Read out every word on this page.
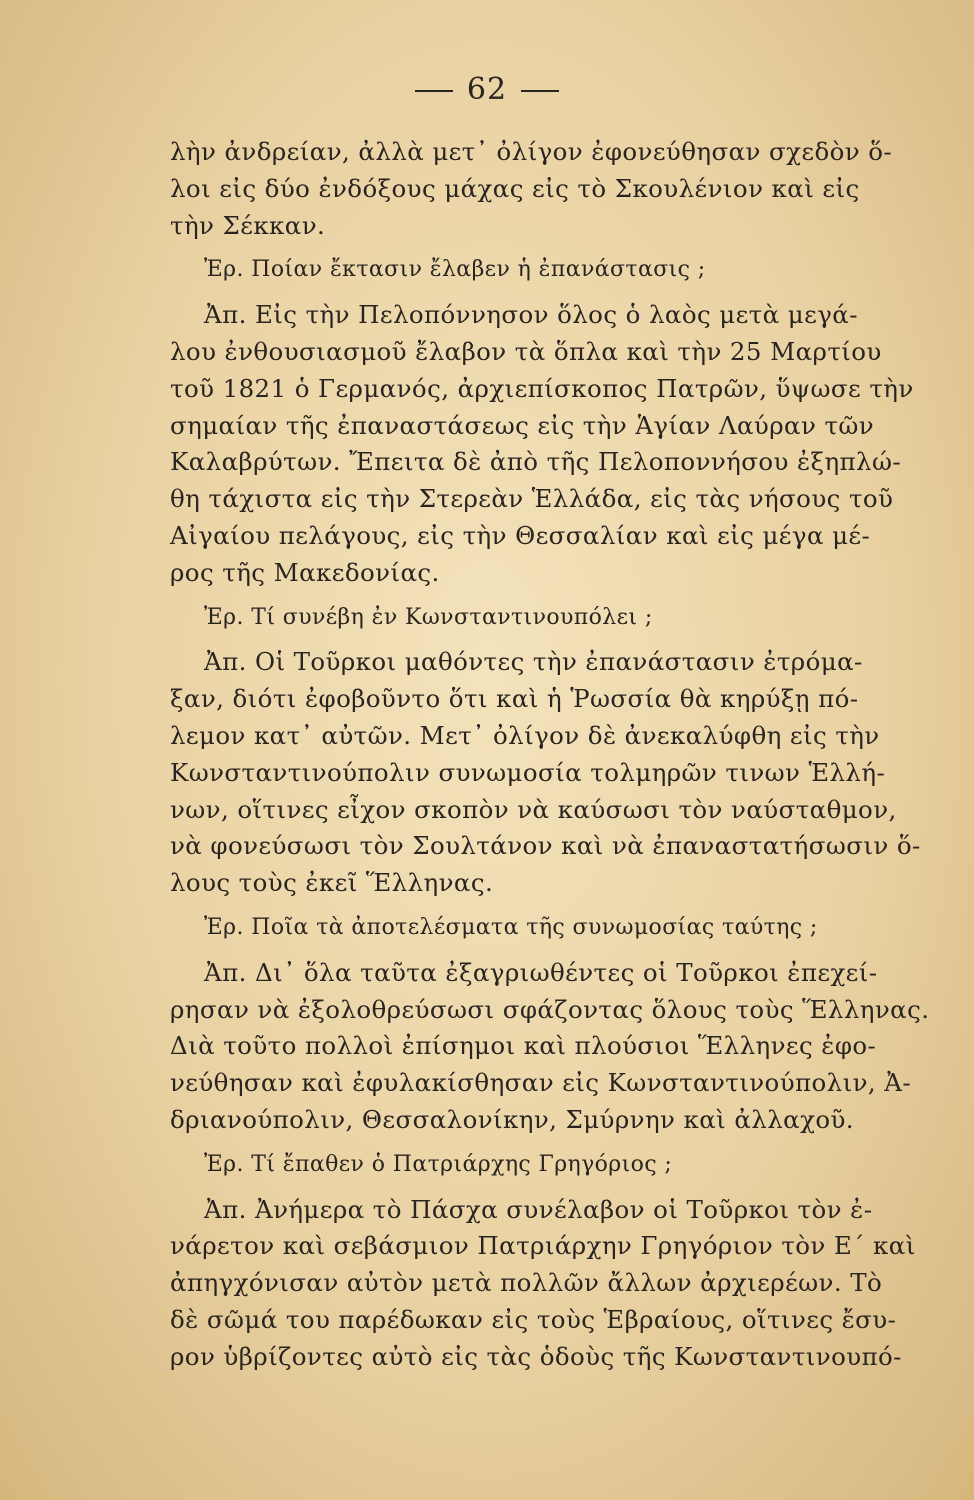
62
λὴν ἀνδρείαν, ἀλλὰ μετ᾽ ὀλίγον ἐφονεύθησαν σχεδὸν ὅ-
λοι εἰς δύο ἐνδόξους μάχας εἰς τὸ Σκουλένιον καὶ εἰς
τὴν Σέκκαν.
Ἐρ. Ποίαν ἔκτασιν ἔλαβεν ἡ ἐπανάστασις ;
Ἀπ. Εἰς τὴν Πελοπόννησον ὅλος ὁ λαὸς μετὰ μεγά-
λου ἐνθουσιασμοῦ ἔλαβον τὰ ὅπλα καὶ τὴν 25 Μαρτίου
τοῦ 1821 ὁ Γερμανός, ἀρχιεπίσκοπος Πατρῶν, ὕψωσε τὴν
σημαίαν τῆς ἐπαναστάσεως εἰς τὴν Ἁγίαν Λαύραν τῶν
Καλαβρύτων. Ἔπειτα δὲ ἀπὸ τῆς Πελοποννήσου ἐξηπλώ-
θη τάχιστα εἰς τὴν Στερεὰν Ἑλλάδα, εἰς τὰς νήσους τοῦ
Αἰγαίου πελάγους, εἰς τὴν Θεσσαλίαν καὶ εἰς μέγα μέ-
ρος τῆς Μακεδονίας.
Ἐρ. Τί συνέβη ἐν Κωνσταντινουπόλει ;
Ἀπ. Οἱ Τοῦρκοι μαθόντες τὴν ἐπανάστασιν ἐτρόμα-
ξαν, διότι ἐφοβοῦντο ὅτι καὶ ἡ Ῥωσσία θὰ κηρύξῃ πό-
λεμον κατ᾽ αὐτῶν. Μετ᾽ ὀλίγον δὲ ἀνεκαλύφθη εἰς τὴν
Κωνσταντινούπολιν συνωμοσία τολμηρῶν τινων Ἑλλή-
νων, οἵτινες εἶχον σκοπὸν νὰ καύσωσι τὸν ναύσταθμον,
νὰ φονεύσωσι τὸν Σουλτάνον καὶ νὰ ἐπαναστατήσωσιν ὅ-
λους τοὺς ἐκεῖ Ἕλληνας.
Ἐρ. Ποῖα τὰ ἀποτελέσματα τῆς συνωμοσίας ταύτης ;
Ἀπ. Δι᾽ ὅλα ταῦτα ἐξαγριωθέντες οἱ Τοῦρκοι ἐπεχεί-
ρησαν νὰ ἐξολοθρεύσωσι σφάζοντας ὅλους τοὺς Ἕλληνας.
Διὰ τοῦτο πολλοὶ ἐπίσημοι καὶ πλούσιοι Ἕλληνες ἐφο-
νεύθησαν καὶ ἐφυλακίσθησαν εἰς Κωνσταντινούπολιν, Ἀ-
δριανούπολιν, Θεσσαλονίκην, Σμύρνην καὶ ἀλλαχοῦ.
Ἐρ. Τί ἔπαθεν ὁ Πατριάρχης Γρηγόριος ;
Ἀπ. Ἀνήμερα τὸ Πάσχα συνέλαβον οἱ Τοῦρκοι τὸν ἐ-
νάρετον καὶ σεβάσμιον Πατριάρχην Γρηγόριον τὸν Ε´ καὶ
ἀπηγχόνισαν αὐτὸν μετὰ πολλῶν ἄλλων ἀρχιερέων. Τὸ
δὲ σῶμά του παρέδωκαν εἰς τοὺς Ἑβραίους, οἵτινες ἔσυ-
ρον ὑβρίζοντες αὐτὸ εἰς τὰς ὁδοὺς τῆς Κωνσταντινουπό-
